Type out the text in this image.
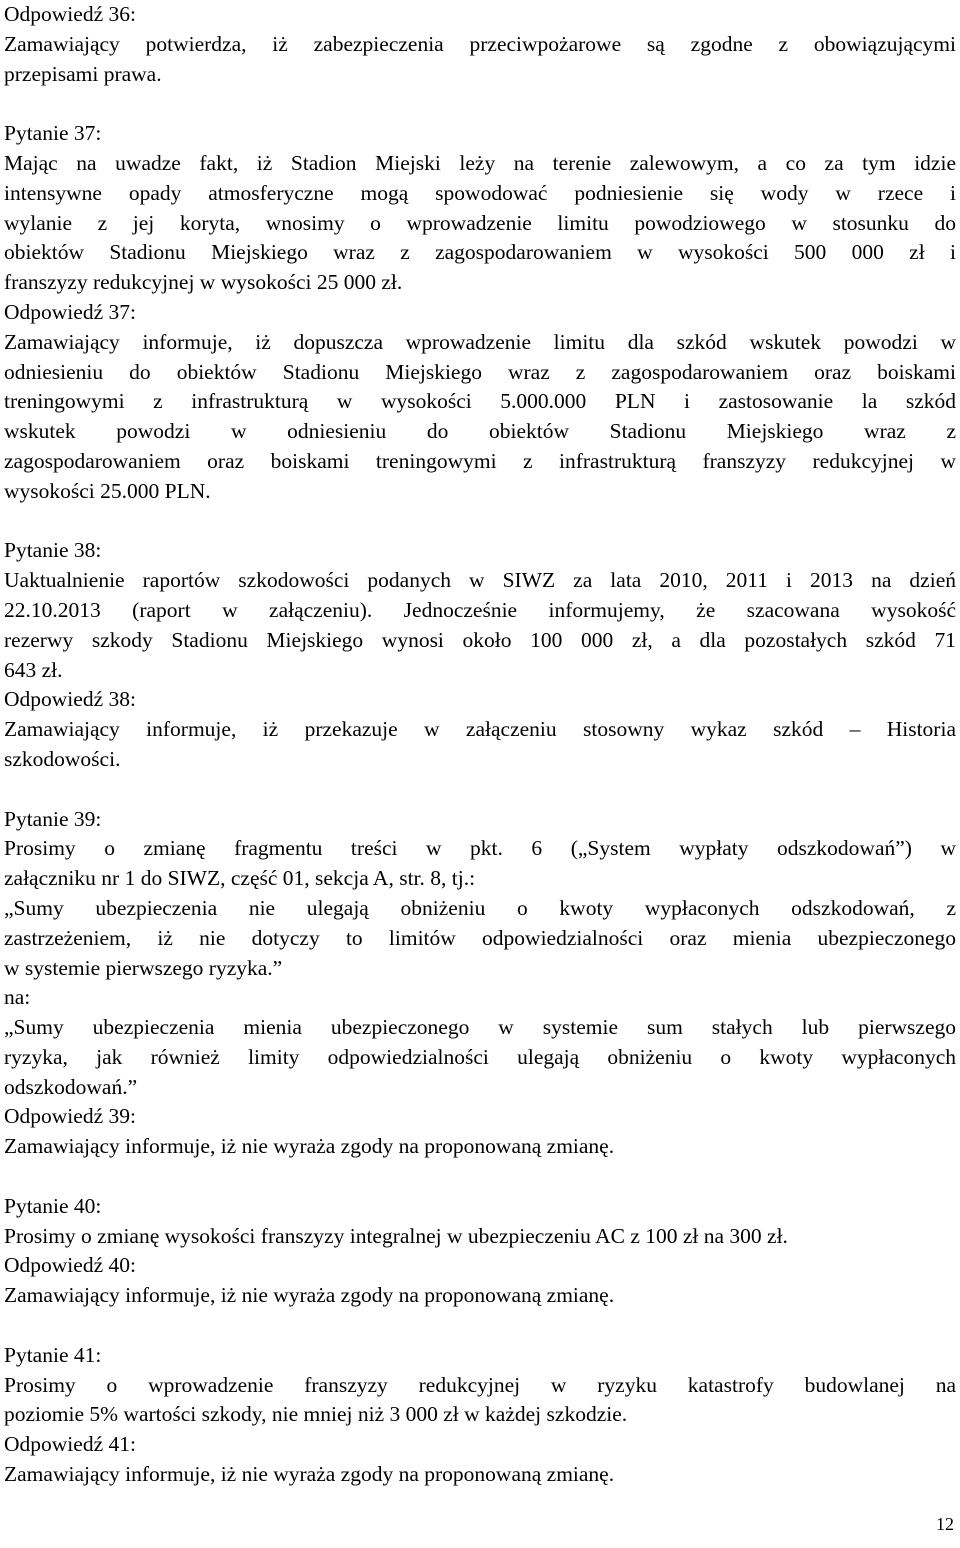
Odpowiedź 36:
Zamawiający potwierdza, iż zabezpieczenia przeciwpożarowe są zgodne z obowiązującymi
przepisami prawa.
Pytanie 37:
Mając na uwadze fakt, iż Stadion Miejski leży na terenie zalewowym, a co za tym idzie
intensywne opady atmosferyczne mogą spowodować podniesienie się wody w rzece i
wylanie z jej koryta, wnosimy o wprowadzenie limitu powodziowego w stosunku do
obiektów Stadionu Miejskiego wraz z zagospodarowaniem w wysokości 500 000 zł i
franszyzy redukcyjnej w wysokości 25 000 zł.
Odpowiedź 37:
Zamawiający informuje, iż dopuszcza wprowadzenie limitu dla szkód wskutek powodzi w
odniesieniu do obiektów Stadionu Miejskiego wraz z zagospodarowaniem oraz boiskami
treningowymi z infrastrukturą w wysokości 5.000.000 PLN i zastosowanie la szkód
wskutek powodzi w odniesieniu do obiektów Stadionu Miejskiego wraz z
zagospodarowaniem oraz boiskami treningowymi z infrastrukturą franszyzy redukcyjnej w
wysokości 25.000 PLN.
Pytanie 38:
Uaktualnienie raportów szkodowości podanych w SIWZ za lata 2010, 2011 i 2013 na dzień
22.10.2013 (raport w załączeniu). Jednocześnie informujemy, że szacowana wysokość
rezerwy szkody Stadionu Miejskiego wynosi około 100 000 zł, a dla pozostałych szkód 71
643 zł.
Odpowiedź 38:
Zamawiający informuje, iż przekazuje w załączeniu stosowny wykaz szkód – Historia
szkodowości.
Pytanie 39:
Prosimy o zmianę fragmentu treści w pkt. 6 („System wypłaty odszkodowań”) w
załączniku nr 1 do SIWZ, część 01, sekcja A, str. 8, tj.:
„Sumy ubezpieczenia nie ulegają obniżeniu o kwoty wypłaconych odszkodowań, z
zastrzeżeniem, iż nie dotyczy to limitów odpowiedzialności oraz mienia ubezpieczonego
w systemie pierwszego ryzyka.”
na:
„Sumy ubezpieczenia mienia ubezpieczonego w systemie sum stałych lub pierwszego
ryzyka, jak również limity odpowiedzialności ulegają obniżeniu o kwoty wypłaconych
odszkodowań.”
Odpowiedź 39:
Zamawiający informuje, iż nie wyraża zgody na proponowaną zmianę.
Pytanie 40:
Prosimy o zmianę wysokości franszyzy integralnej w ubezpieczeniu AC z 100 zł na 300 zł.
Odpowiedź 40:
Zamawiający informuje, iż nie wyraża zgody na proponowaną zmianę.
Pytanie 41:
Prosimy o wprowadzenie franszyzy redukcyjnej w ryzyku katastrofy budowlanej na
poziomie 5% wartości szkody, nie mniej niż 3 000 zł w każdej szkodzie.
Odpowiedź 41:
Zamawiający informuje, iż nie wyraża zgody na proponowaną zmianę.
12
